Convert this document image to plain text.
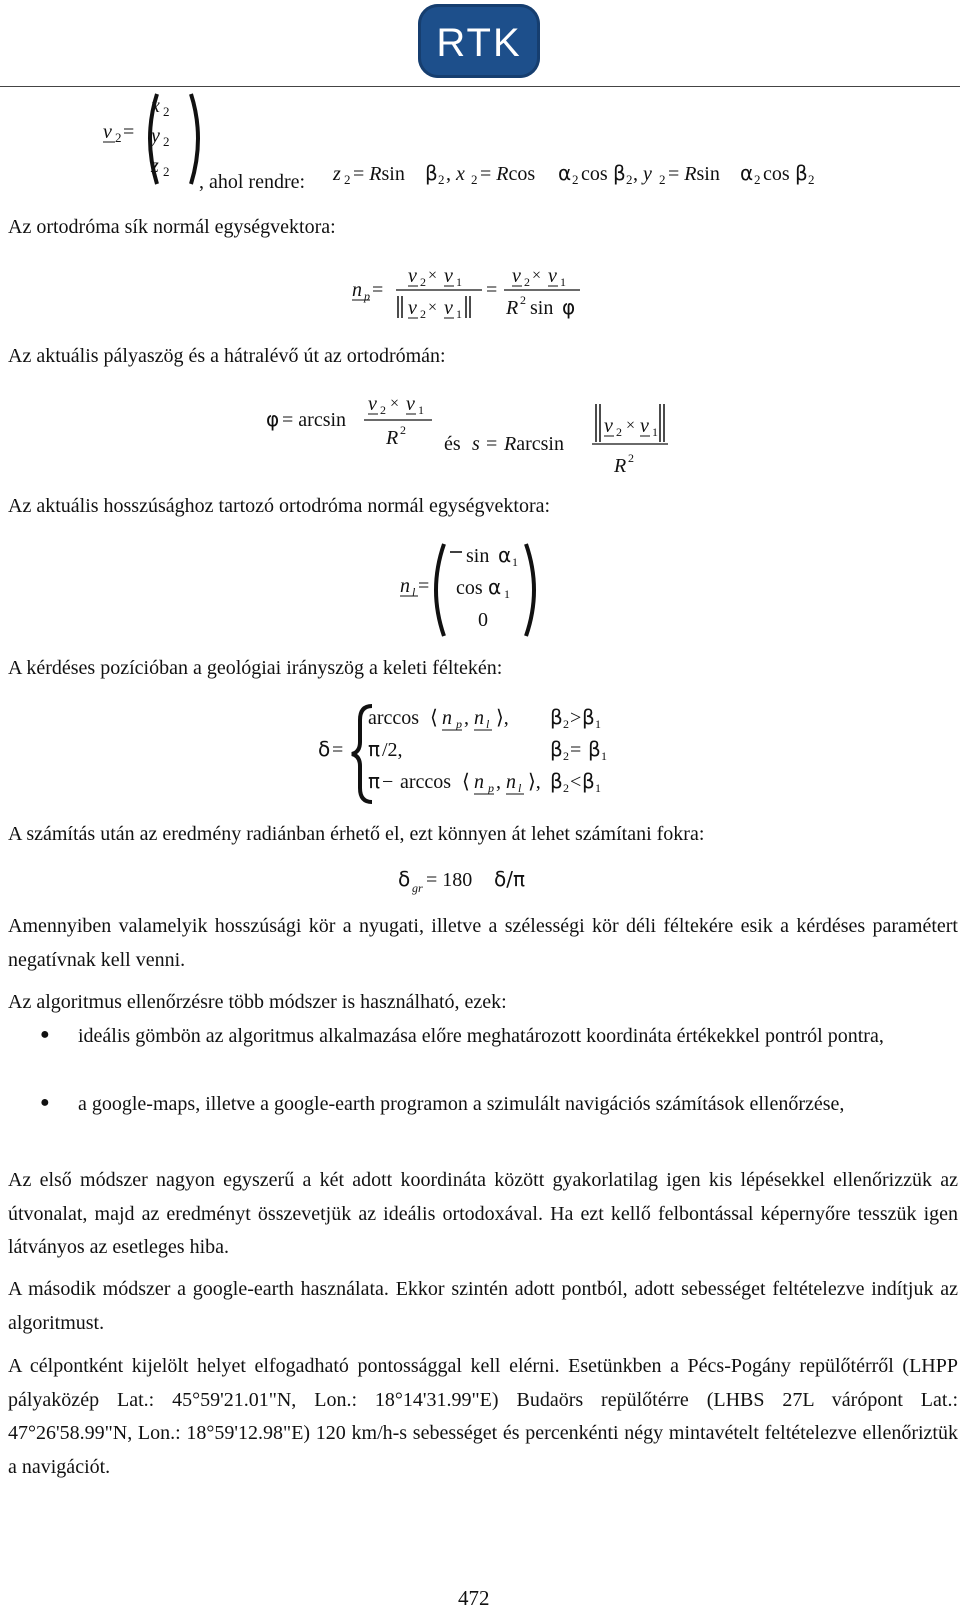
RTK
v 2 =
x 2
y 2
z 2 , ahol rendre: z 2 = Rsin β 2 , x 2 = Rcos α 2 cos β 2 , y 2 = Rsin α 2 cos β 2
Az ortodróma sík normál egységvektora:
n p =
v 2 × v 1
v 2 × v 1
=
v 2 × v 1
R 2 sin φ
Az aktuális pályaszög és a hátralévő út az ortodrómán:
φ = arcsin
v 2 × v 1
R 2
és s = Rarcsin
v 2 × v 1
R 2
Az aktuális hosszúsághoz tartozó ortodróma normál egységvektora:
n l =
sin α 1
cos α 1
0
A kérdéses pozícióban a geológiai irányszög a keleti féltekén:
δ =
arccos ⟨ n p , n l ⟩, β 2 > β 1
π /2,	β 2 = β 1
π − arccos ⟨ n p , n l ⟩, β 2 < β 1
A számítás után az eredmény radiánban érhető el, ezt könnyen át lehet számítani fokra:
δ gr = 180 δ/π
Amennyiben valamelyik hosszúsági kör a nyugati, illetve a szélességi kör déli féltekére esik a kérdéses paramétert negatívnak kell venni.
Az algoritmus ellenőrzésre több módszer is használható, ezek:
● ideális gömbön az algoritmus alkalmazása előre meghatározott koordináta értékekkel pontról pontra,
● a google-maps, illetve a google-earth programon a szimulált navigációs számítások ellenőrzése,
Az első módszer nagyon egyszerű a két adott koordináta között gyakorlatilag igen kis lépésekkel ellenőrizzük az útvonalat, majd az eredményt összevetjük az ideális ortodoxával. Ha ezt kellő felbontással képernyőre tesszük igen látványos az esetleges hiba.
A második módszer a google-earth használata. Ekkor szintén adott pontból, adott sebességet feltételezve indítjuk az algoritmust.
A célpontként kijelölt helyet elfogadható pontossággal kell elérni. Esetünkben a Pécs-Pogány repülőtérről (LHPP pályaközép Lat.: 45°59'21.01"N, Lon.: 18°14'31.99"E) Budaörs repülőtérre (LHBS 27L várópont Lat.: 47°26'58.99"N, Lon.: 18°59'12.98"E) 120 km/h-s sebességet és percenkénti négy mintavételt feltételezve ellenőriztük a navigációt.
472
